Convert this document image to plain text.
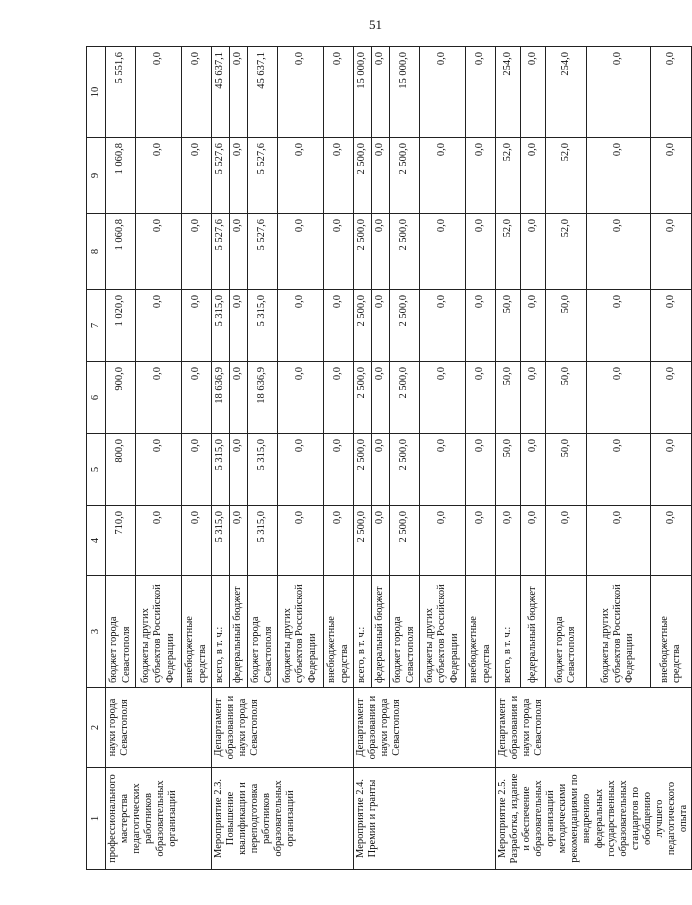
51
1	2	3	4	5	6	7	8	9	10
профессионального мастерства педагогических работников образовательных организаций	науки города Севастополя	бюджет города Севастополя	710,0	800,0	900,0	1 020,0	1 060,8	1 060,8	5 551,6
		бюджеты других субъектов Российской Федерации	0,0	0,0	0,0	0,0	0,0	0,0	0,0
		внебюджетные средства	0,0	0,0	0,0	0,0	0,0	0,0	0,0
Мероприятие 2.3. Повышение квалификации и переподготовка работников образовательных организаций	Департамент образования и науки города Севастополя	всего, в т. ч.:	5 315,0	5 315,0	18 636,9	5 315,0	5 527,6	5 527,6	45 637,1
		федеральный бюджет	0,0	0,0	0,0	0,0	0,0	0,0	0,0
		бюджет города Севастополя	5 315,0	5 315,0	18 636,9	5 315,0	5 527,6	5 527,6	45 637,1
		бюджеты других субъектов Российской Федерации	0,0	0,0	0,0	0,0	0,0	0,0	0,0
		внебюджетные средства	0,0	0,0	0,0	0,0	0,0	0,0	0,0
Мероприятие 2.4. Премии и гранты	Департамент образования и науки города Севастополя	всего, в т. ч.:	2 500,0	2 500,0	2 500,0	2 500,0	2 500,0	2 500,0	15 000,0
		федеральный бюджет	0,0	0,0	0,0	0,0	0,0	0,0	0,0
		бюджет города Севастополя	2 500,0	2 500,0	2 500,0	2 500,0	2 500,0	2 500,0	15 000,0
		бюджеты других субъектов Российской Федерации	0,0	0,0	0,0	0,0	0,0	0,0	0,0
		внебюджетные средства	0,0	0,0	0,0	0,0	0,0	0,0	0,0
Мероприятие 2.5. Разработка, издание и обеспечение образовательных организаций методическими рекомендациями по внедрению федеральных государственных образовательных стандартов по обобщению лучшего педагогического опыта	Департамент образования и науки города Севастополя	всего, в т. ч.:	0,0	50,0	50,0	50,0	52,0	52,0	254,0
		федеральный бюджет	0,0	0,0	0,0	0,0	0,0	0,0	0,0
		бюджет города Севастополя	0,0	50,0	50,0	50,0	52,0	52,0	254,0
		бюджеты других субъектов Российской Федерации	0,0	0,0	0,0	0,0	0,0	0,0	0,0
		внебюджетные средства	0,0	0,0	0,0	0,0	0,0	0,0	0,0
